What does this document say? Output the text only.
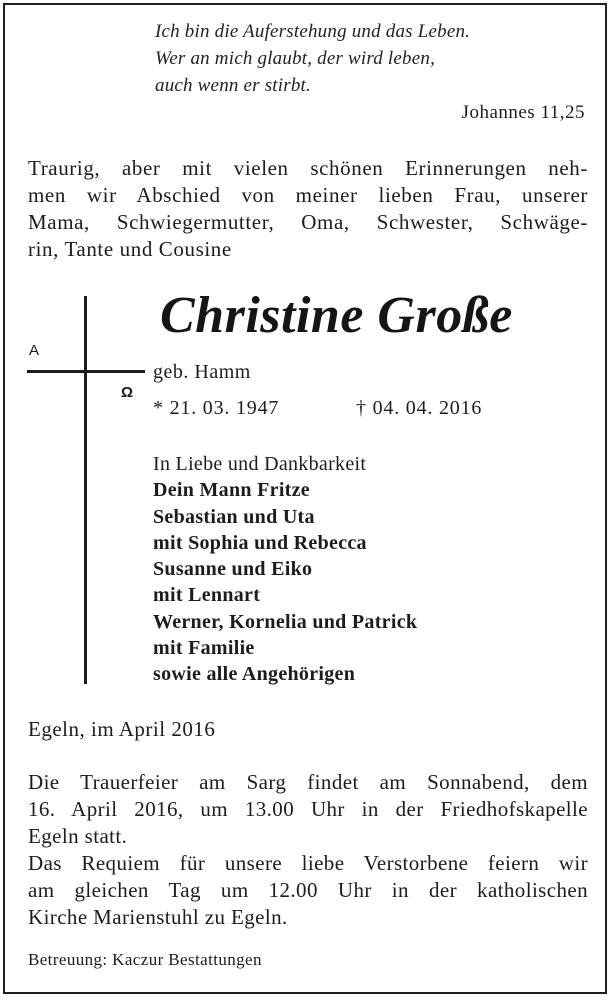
Ich bin die Auferstehung und das Leben.
Wer an mich glaubt, der wird leben,
auch wenn er stirbt.
Johannes 11,25
Traurig, aber mit vielen schönen Erinnerungen neh-
men wir Abschied von meiner lieben Frau, unserer
Mama, Schwiegermutter, Oma, Schwester, Schwäge-
rin, Tante und Cousine
A
Ω
Christine Große
geb. Hamm
* 21. 03. 1947	† 04. 04. 2016
In Liebe und Dankbarkeit
Dein Mann Fritze
Sebastian und Uta
mit Sophia und Rebecca
Susanne und Eiko
mit Lennart
Werner, Kornelia und Patrick
mit Familie
sowie alle Angehörigen
Egeln, im April 2016
Die Trauerfeier am Sarg findet am Sonnabend, dem
16. April 2016, um 13.00 Uhr in der Friedhofskapelle
Egeln statt.
Das Requiem für unsere liebe Verstorbene feiern wir
am gleichen Tag um 12.00 Uhr in der katholischen
Kirche Marienstuhl zu Egeln.
Betreuung: Kaczur Bestattungen
